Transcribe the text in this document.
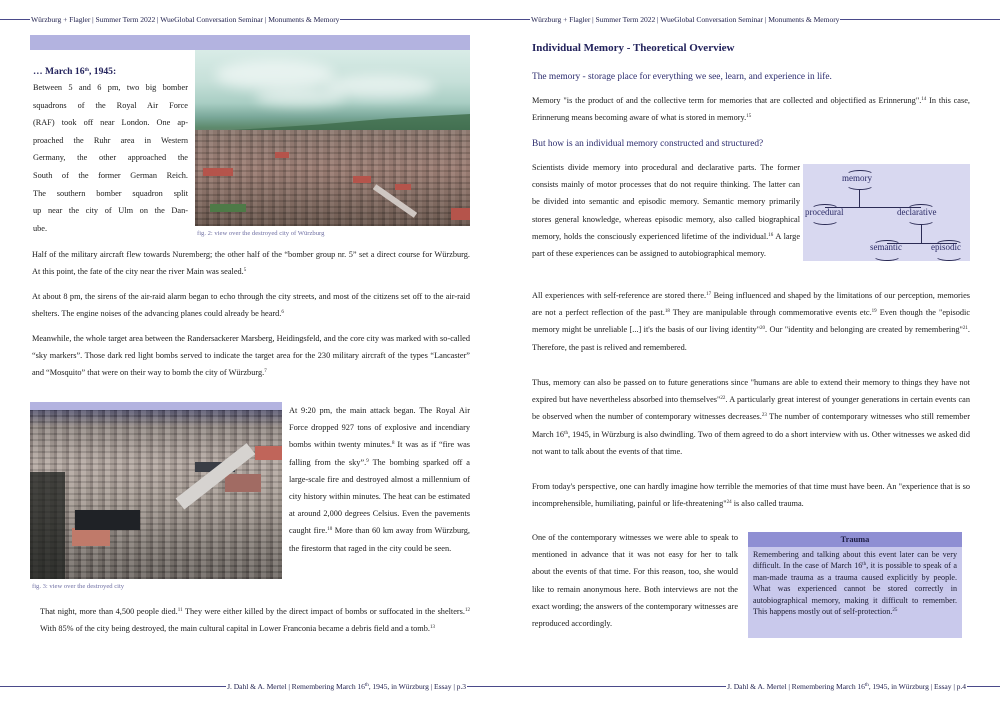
Würzburg + Flagler | Summer Term 2022 | WueGlobal Conversation Seminar | Monuments & Memory
… March 16th, 1945:
Between 5 and 6 pm, two big bomber
squadrons of the Royal Air Force
(RAF) took off near London. One ap-
proached the Ruhr area in Western
Germany, the other approached the
South of the former German Reich.
The southern bomber squadron split
up near the city of Ulm on the Dan-
ube.
fig. 2: view over the destroyed city of Würzburg
Half of the military aircraft flew towards Nuremberg; the other half of the “bomber group nr. 5” set a direct course for Würzburg. At this point, the fate of the city near the river Main was sealed.$^5$
At about 8 pm, the sirens of the air-raid alarm began to echo through the city streets, and most of the citizens set off to the air-raid shelters. The engine noises of the advancing planes could already be heard.$^6$
Meanwhile, the whole target area between the Randersackerer Marsberg, Heidingsfeld, and the core city was marked with so-called “sky markers”. Those dark red light bombs served to indicate the target area for the 230 military aircraft of the types “Lancaster” and “Mosquito” that were on their way to bomb the city of Würzburg.$^7$
fig. 3: view over the destroyed city
At 9:20 pm, the main attack began. The Royal Air Force dropped 927 tons of explosive and incendiary bombs within twenty minutes.$^8$ It was as if “fire was falling from the sky”.$^9$ The bombing sparked off a large-scale fire and destroyed almost a millennium of city history within minutes. The heat can be estimated at around 2,000 degrees Celsius. Even the pavements caught fire.$^{10}$ More than 60 km away from Würzburg, the firestorm that raged in the city could be seen.
That night, more than 4,500 people died.$^{11}$ They were either killed by the direct impact of bombs or suffocated in the shelters.$^{12}$ With 85% of the city being destroyed, the main cultural capital in Lower Franconia became a debris field and a tomb.$^{13}$
J. Dahl & A. Mertel | Remembering March 16th, 1945, in Würzburg | Essay | p.3
Würzburg + Flagler | Summer Term 2022 | WueGlobal Conversation Seminar | Monuments & Memory
Individual Memory - Theoretical Overview
The memory - storage place for everything we see, learn, and experience in life.
Memory "is the product of and the collective term for memories that are collected and objectified as Erinnerung".$^{14}$ In this case, Erinnerung means becoming aware of what is stored in memory.$^{15}$
But how is an individual memory constructed and structured?
Scientists divide memory into procedural and declarative parts. The former consists mainly of motor processes that do not require thinking. The latter can be divided into semantic and episodic memory. Semantic memory primarily stores general knowledge, whereas episodic memory, also called biographical memory, holds the consciously experienced lifetime of the individual.$^{16}$ A large part of these experiences can be assigned to autobiographical memory.
All experiences with self-reference are stored there.$^{17}$ Being influenced and shaped by the limitations of our perception, memories are not a perfect reflection of the past.$^{18}$ They are manipulable through commemorative events etc.$^{19}$ Even though the "episodic memory might be unreliable [...] it's the basis of our living identity"$^{20}$. Our "identity and belonging are created by remembering"$^{21}$. Therefore, the past is relived and remembered.
Thus, memory can also be passed on to future generations since "humans are able to extend their memory to things they have not expired but have nevertheless absorbed into themselves"$^{22}$. A particularly great interest of younger generations in certain events can be observed when the number of contemporary witnesses decreases.$^{23}$ The number of contemporary witnesses who still remember March 16th, 1945, in Würzburg is also dwindling. Two of them agreed to do a short interview with us. Other witnesses we asked did not want to talk about the events of that time.
From today's perspective, one can hardly imagine how terrible the memories of that time must have been. An "experience that is so incomprehensible, humiliating, painful or life-threatening"$^{24}$ is also called trauma.
One of the contemporary witnesses we were able to speak to mentioned in advance that it was not easy for her to talk about the events of that time. For this reason, too, she would like to remain anonymous here. Both interviews are not the exact wording; the answers of the contemporary witnesses are reproduced accordingly.
J. Dahl & A. Mertel | Remembering March 16th, 1945, in Würzburg | Essay | p.4
memory
procedural	declarative
semantic	episodic
Trauma
Remembering and talking about this event later can be very difficult. In the case of March 16th, it is possible to speak of a man-made trauma as a trauma caused explicitly by people. What was experienced cannot be stored correctly in autobiographical memory, making it difficult to remember. This happens mostly out of self-protection.$^{25}$
